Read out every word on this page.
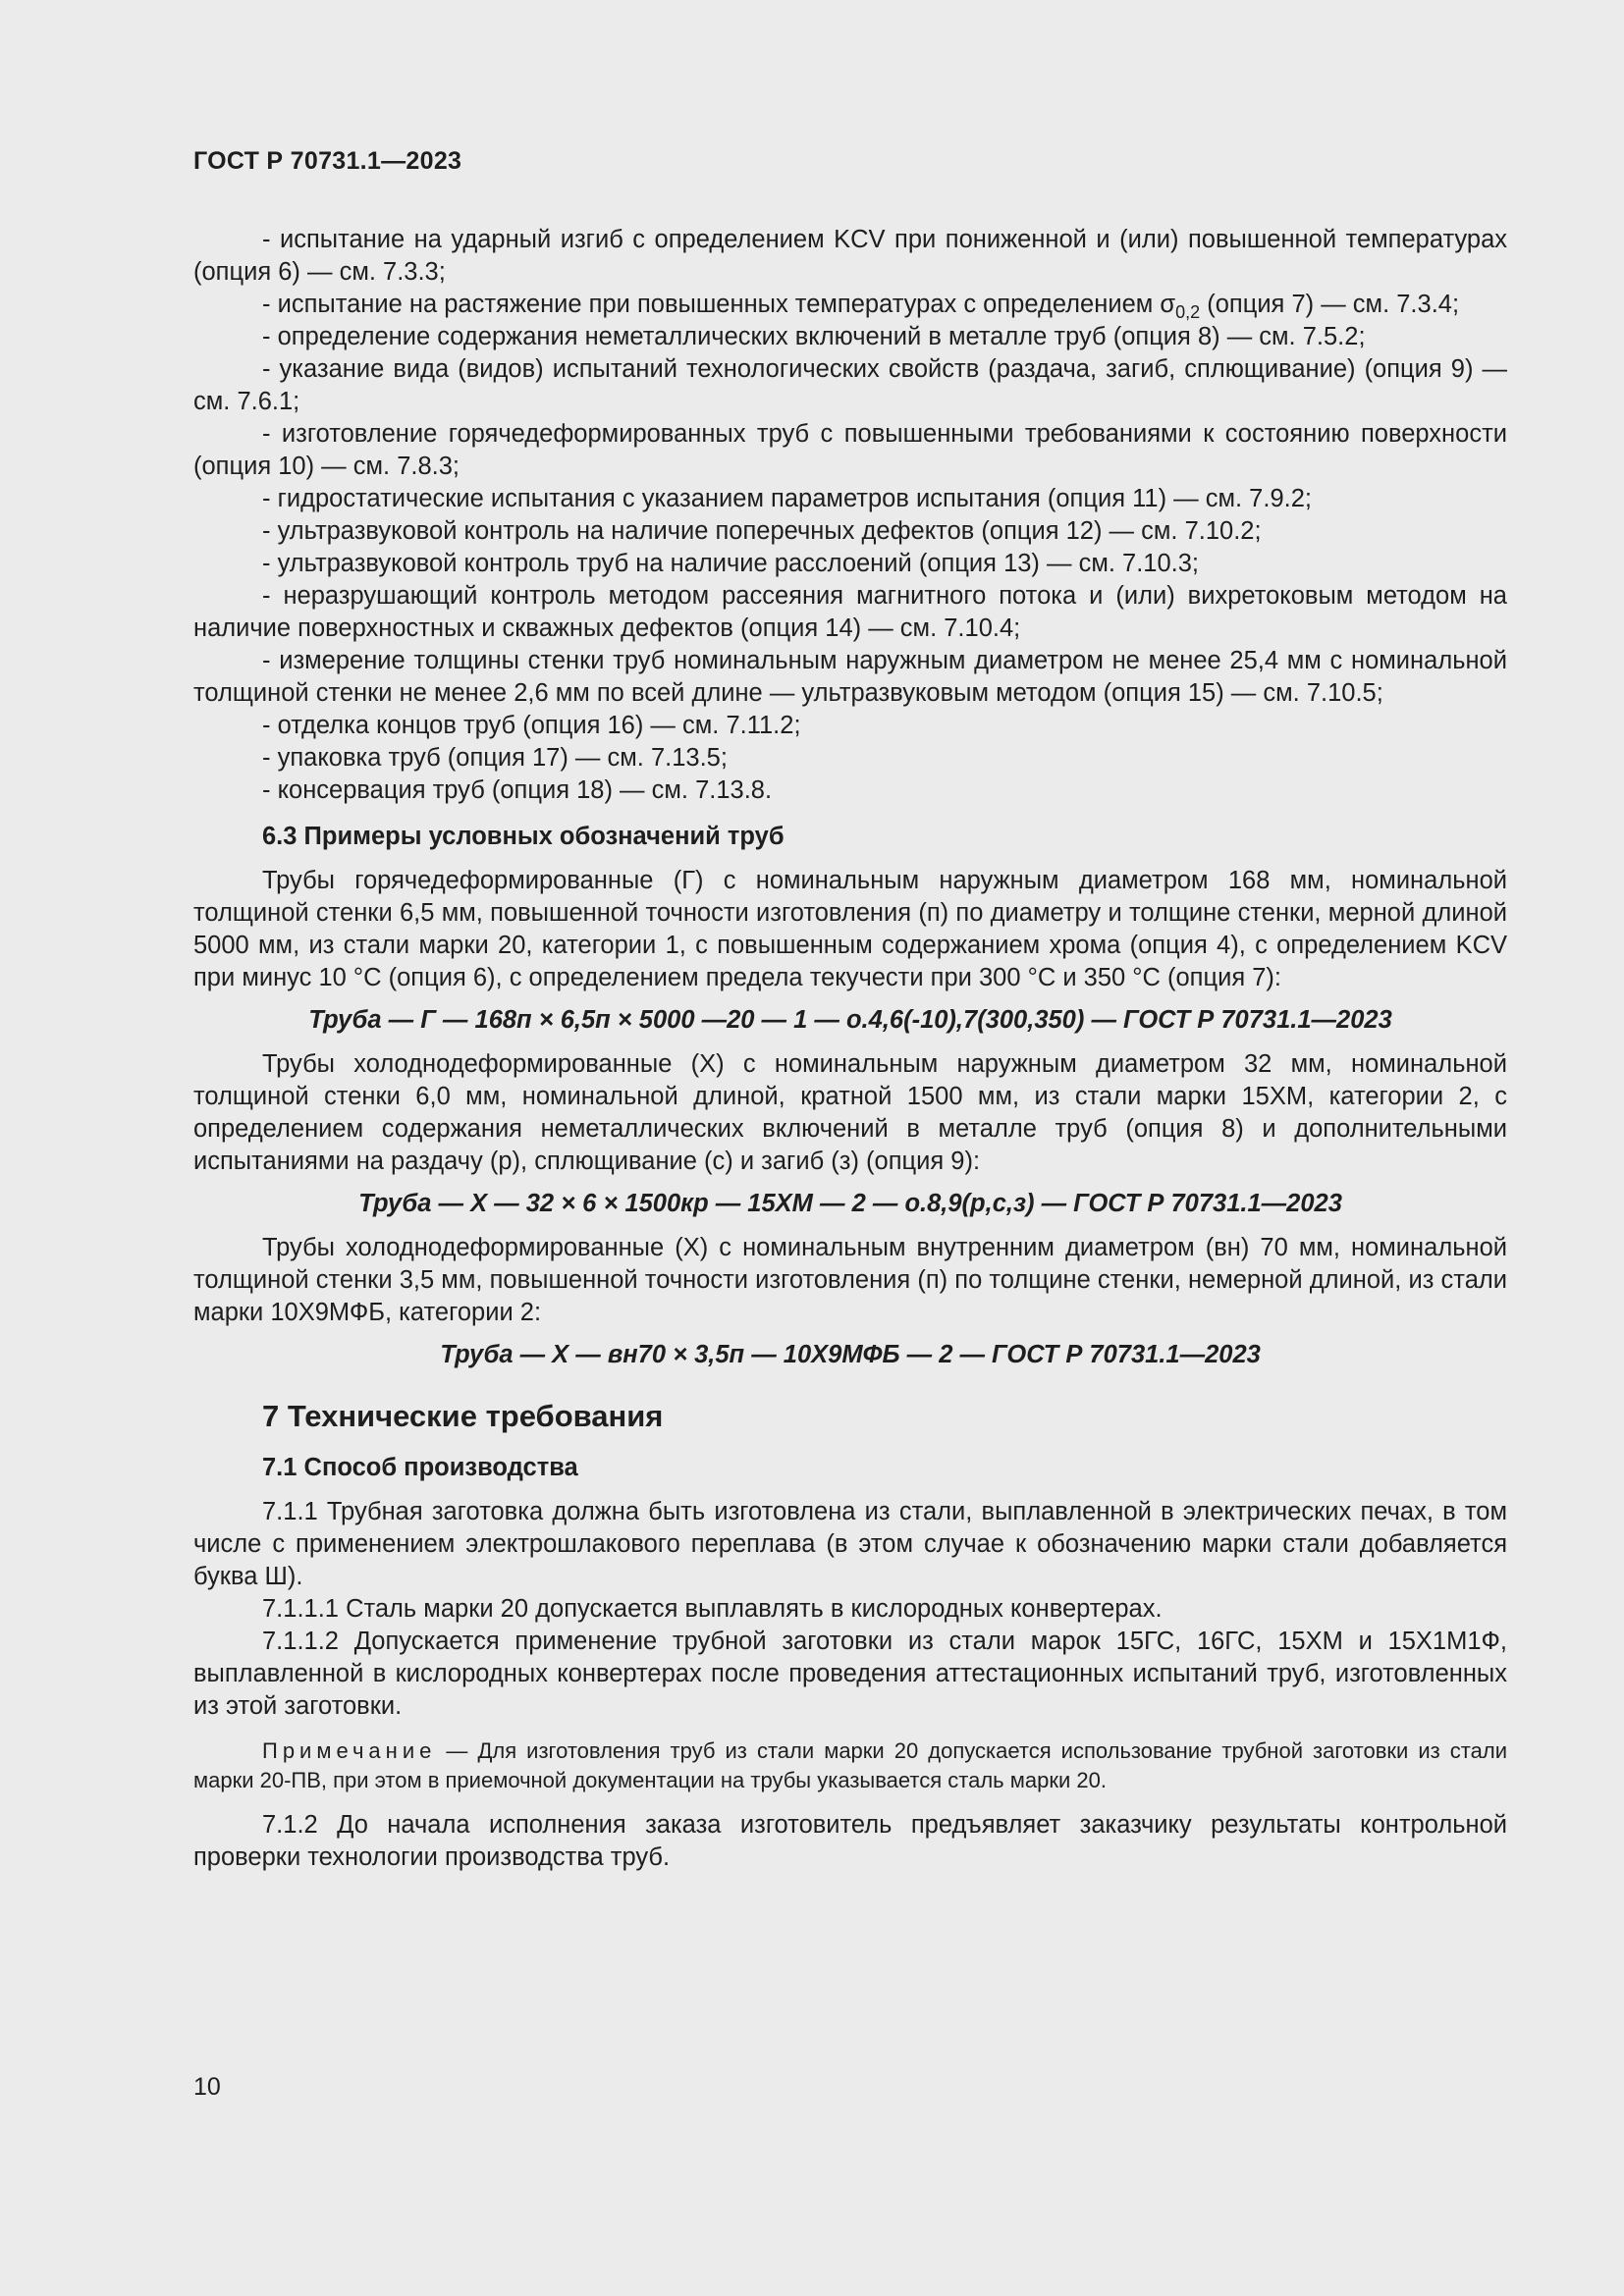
ГОСТ Р 70731.1—2023

- испытание на ударный изгиб с определением KCV при пониженной и (или) повышенной температурах (опция 6) — см. 7.3.3;

- испытание на растяжение при повышенных температурах с определением $\sigma_{0,2}$ (опция 7) — см. 7.3.4;

- определение содержания неметаллических включений в металле труб (опция 8) — см. 7.5.2;

- указание вида (видов) испытаний технологических свойств (раздача, загиб, сплющивание) (опция 9) — см. 7.6.1;

- изготовление горячедеформированных труб с повышенными требованиями к состоянию поверхности (опция 10) — см. 7.8.3;

- гидростатические испытания с указанием параметров испытания (опция 11) — см. 7.9.2;

- ультразвуковой контроль на наличие поперечных дефектов (опция 12) — см. 7.10.2;

- ультразвуковой контроль труб на наличие расслоений (опция 13) — см. 7.10.3;

- неразрушающий контроль методом рассеяния магнитного потока и (или) вихретоковым методом на наличие поверхностных и скважных дефектов (опция 14) — см. 7.10.4;

- измерение толщины стенки труб номинальным наружным диаметром не менее 25,4 мм с номинальной толщиной стенки не менее 2,6 мм по всей длине — ультразвуковым методом (опция 15) — см. 7.10.5;

- отделка концов труб (опция 16) — см. 7.11.2;

- упаковка труб (опция 17) — см. 7.13.5;

- консервация труб (опция 18) — см. 7.13.8.

6.3 Примеры условных обозначений труб

Трубы горячедеформированные (Г) с номинальным наружным диаметром 168 мм, номинальной толщиной стенки 6,5 мм, повышенной точности изготовления (п) по диаметру и толщине стенки, мерной длиной 5000 мм, из стали марки 20, категории 1, с повышенным содержанием хрома (опция 4), с определением KCV при минус 10 °C (опция 6), с определением предела текучести при 300 °C и 350 °C (опция 7):

Труба — Г — 168п × 6,5п × 5000 —20 — 1 — о.4,6(-10),7(300,350) — ГОСТ Р 70731.1—2023

Трубы холоднодеформированные (Х) с номинальным наружным диаметром 32 мм, номинальной толщиной стенки 6,0 мм, номинальной длиной, кратной 1500 мм, из стали марки 15ХМ, категории 2, с определением содержания неметаллических включений в металле труб (опция 8) и дополнительными испытаниями на раздачу (р), сплющивание (с) и загиб (з) (опция 9):

Труба — Х — 32 × 6 × 1500кр — 15ХМ — 2 — о.8,9(р,с,з) — ГОСТ Р 70731.1—2023

Трубы холоднодеформированные (Х) с номинальным внутренним диаметром (вн) 70 мм, номинальной толщиной стенки 3,5 мм, повышенной точности изготовления (п) по толщине стенки, немерной длиной, из стали марки 10Х9МФБ, категории 2:

Труба — Х — вн70 × 3,5п — 10Х9МФБ — 2 — ГОСТ Р 70731.1—2023

7 Технические требования

7.1 Способ производства

7.1.1 Трубная заготовка должна быть изготовлена из стали, выплавленной в электрических печах, в том числе с применением электрошлакового переплава (в этом случае к обозначению марки стали добавляется буква Ш).

7.1.1.1 Сталь марки 20 допускается выплавлять в кислородных конвертерах.

7.1.1.2 Допускается применение трубной заготовки из стали марок 15ГС, 16ГС, 15ХМ и 15Х1М1Ф, выплавленной в кислородных конвертерах после проведения аттестационных испытаний труб, изготовленных из этой заготовки.

Примечание — Для изготовления труб из стали марки 20 допускается использование трубной заготовки из стали марки 20-ПВ, при этом в приемочной документации на трубы указывается сталь марки 20.

7.1.2 До начала исполнения заказа изготовитель предъявляет заказчику результаты контрольной проверки технологии производства труб.

10
